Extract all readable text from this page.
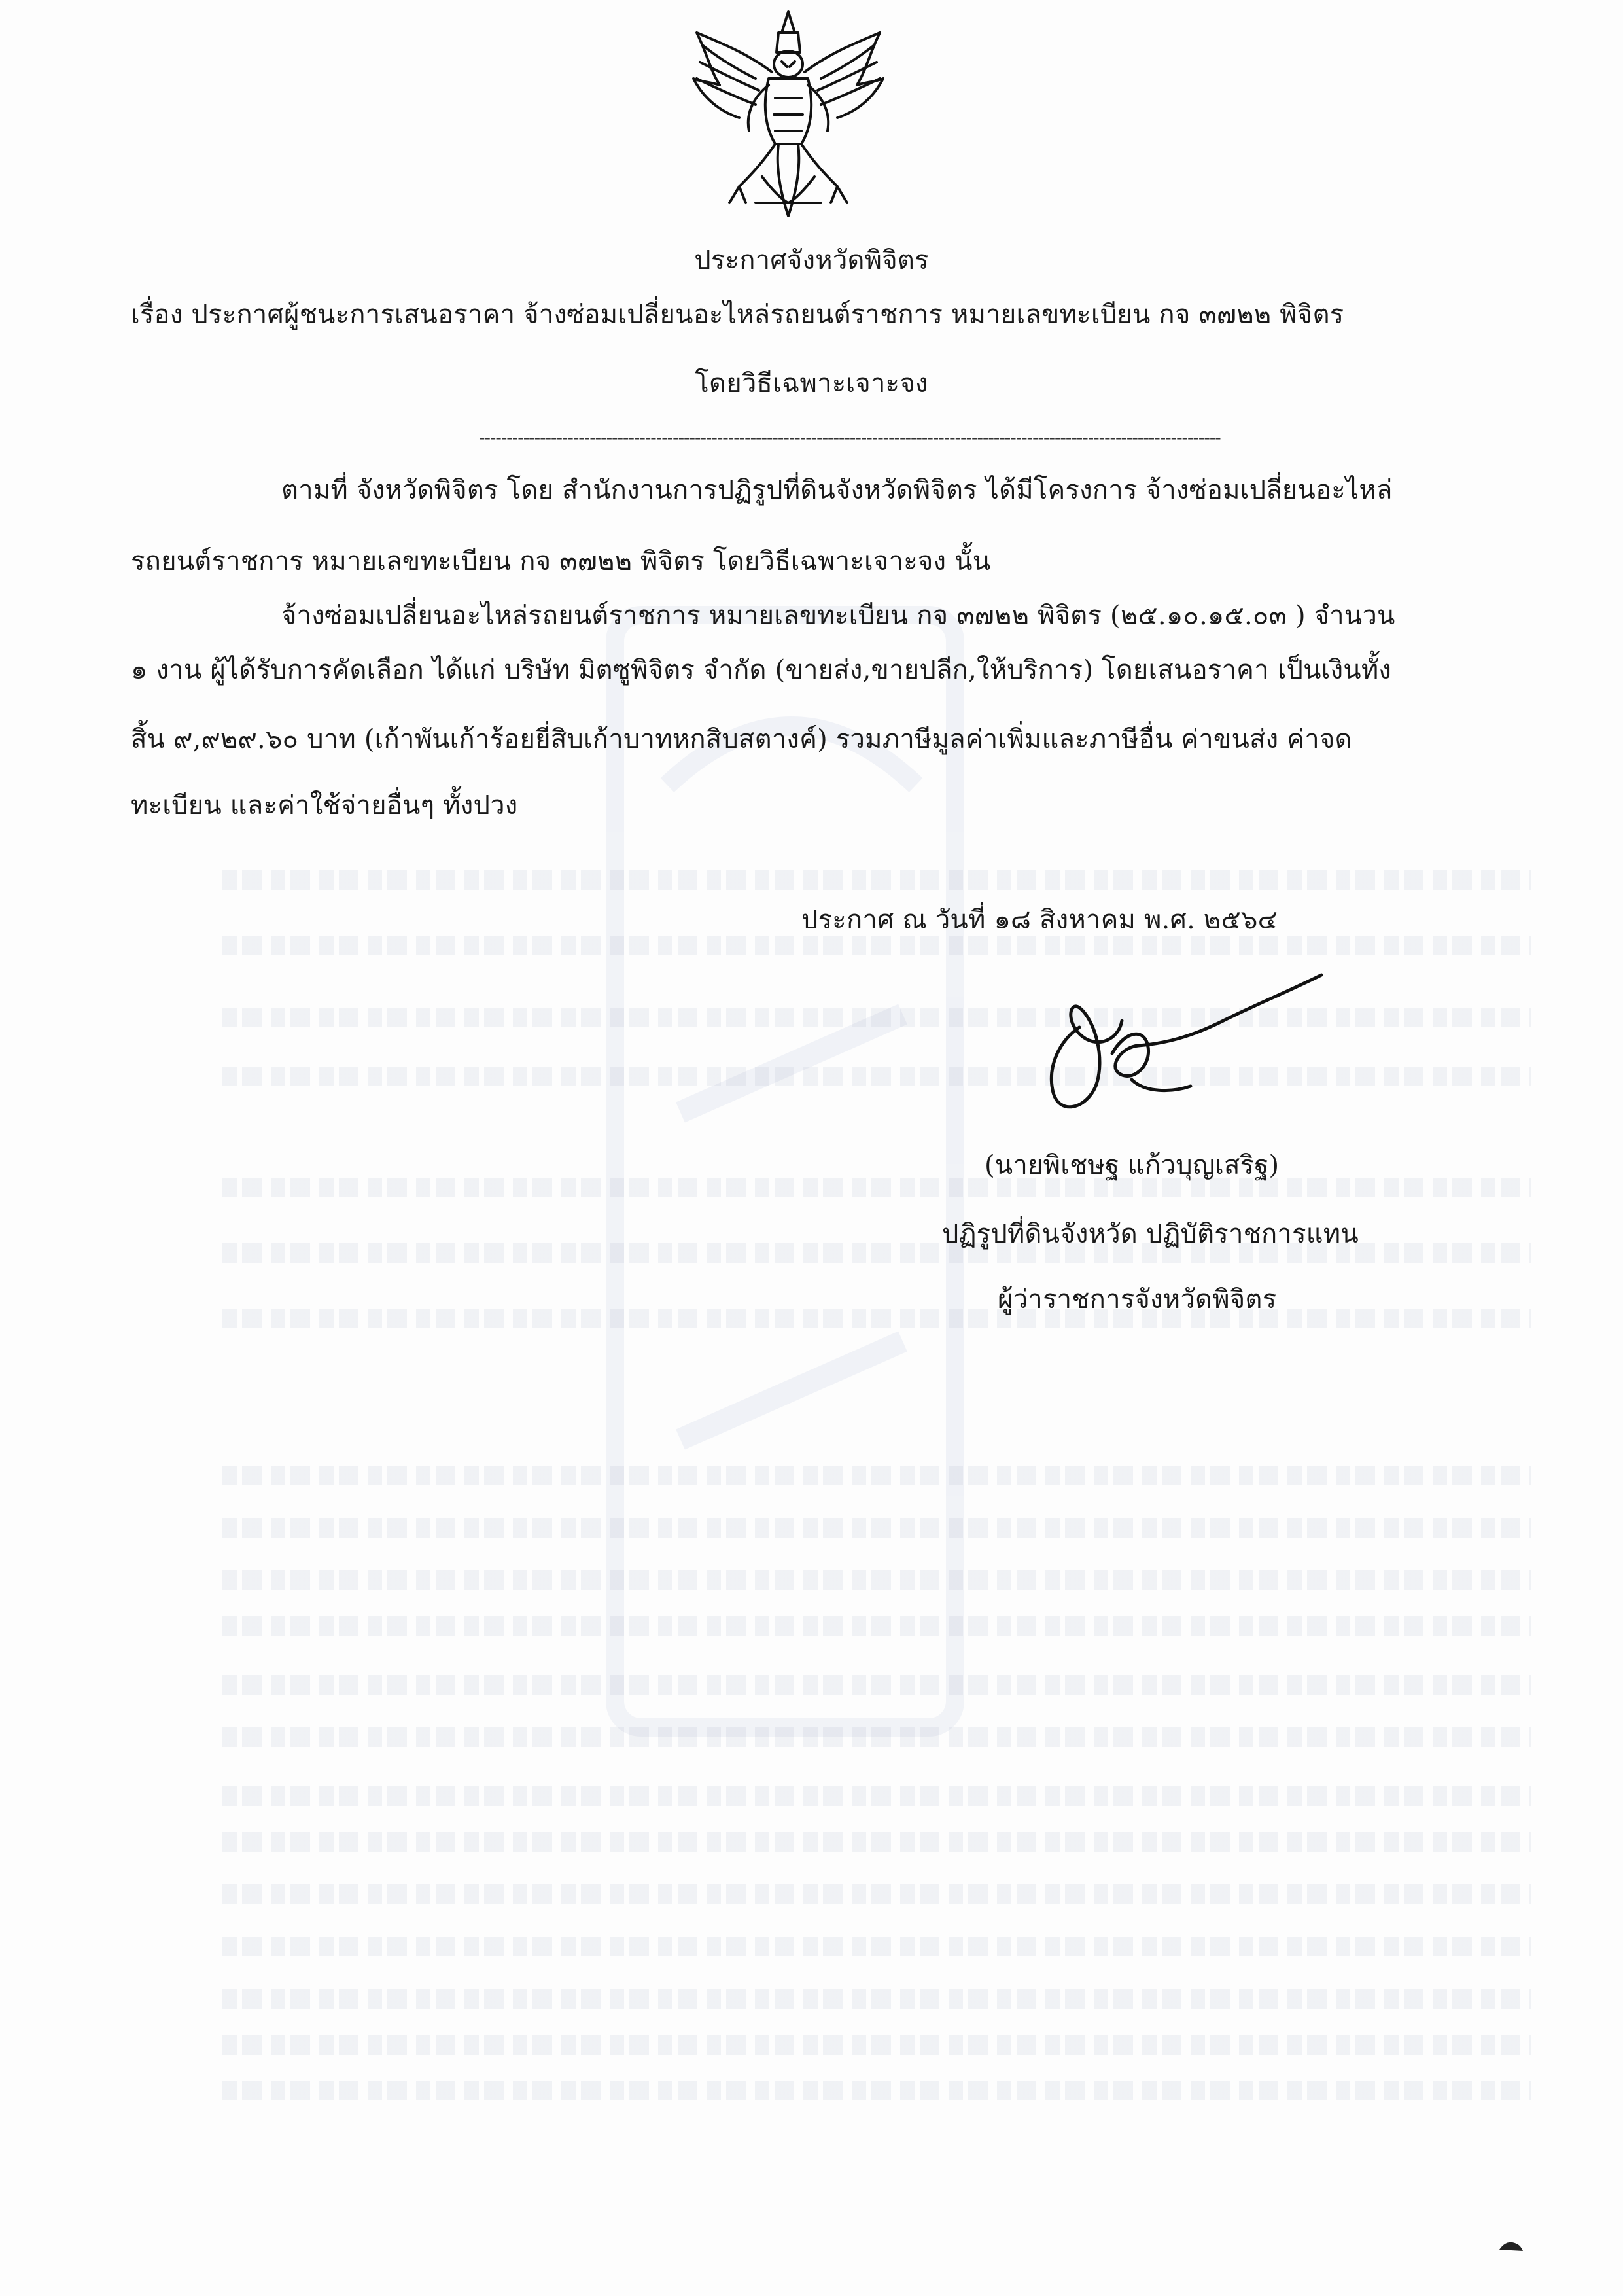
ประกาศจังหวัดพิจิตร
เรื่อง ประกาศผู้ชนะการเสนอราคา จ้างซ่อมเปลี่ยนอะไหล่รถยนต์ราชการ หมายเลขทะเบียน กจ ๓๗๒๒ พิจิตร
โดยวิธีเฉพาะเจาะจง
--------------------------------------------------------------------------------------------------------------------------------------
ตามที่ จังหวัดพิจิตร โดย สำนักงานการปฏิรูปที่ดินจังหวัดพิจิตร ได้มีโครงการ จ้างซ่อมเปลี่ยนอะไหล่
รถยนต์ราชการ หมายเลขทะเบียน กจ ๓๗๒๒ พิจิตร โดยวิธีเฉพาะเจาะจง นั้น
จ้างซ่อมเปลี่ยนอะไหล่รถยนต์ราชการ หมายเลขทะเบียน กจ ๓๗๒๒ พิจิตร (๒๕.๑๐.๑๕.๐๓ ) จำนวน
๑ งาน ผู้ได้รับการคัดเลือก ได้แก่ บริษัท มิตซูพิจิตร จำกัด (ขายส่ง,ขายปลีก,ให้บริการ) โดยเสนอราคา เป็นเงินทั้ง
สิ้น ๙,๙๒๙.๖๐ บาท (เก้าพันเก้าร้อยยี่สิบเก้าบาทหกสิบสตางค์) รวมภาษีมูลค่าเพิ่มและภาษีอื่น ค่าขนส่ง ค่าจด
ทะเบียน และค่าใช้จ่ายอื่นๆ ทั้งปวง
ประกาศ ณ วันที่ ๑๘ สิงหาคม พ.ศ. ๒๕๖๔
(นายพิเชษฐ แก้วบุญเสริฐ)
ปฏิรูปที่ดินจังหวัด ปฏิบัติราชการแทน
ผู้ว่าราชการจังหวัดพิจิตร
